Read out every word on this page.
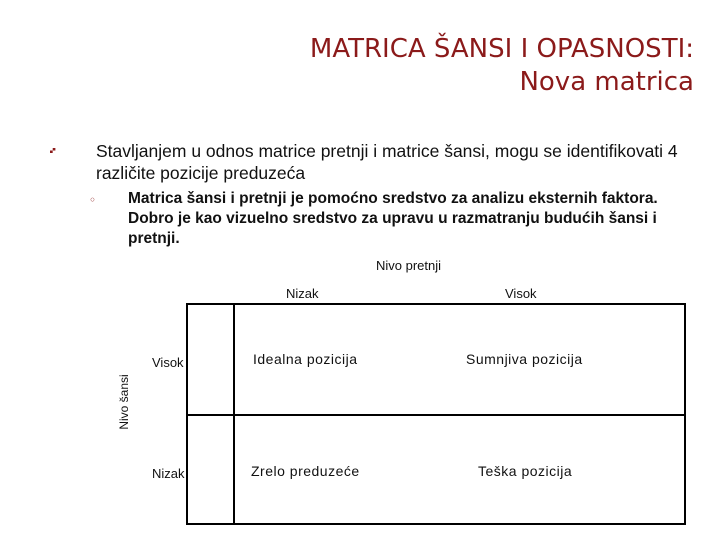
MATRICA ŠANSI I OPASNOSTI:
Nova matrica
🙾 Stavljanjem u odnos matrice pretnji i matrice šansi, mogu se identifikovati 4 različite pozicije preduzeća
◦ Matrica šansi i pretnji je pomoćno sredstvo za analizu eksternih faktora. Dobro je kao vizuelno sredstvo za upravu u razmatranju budućih šansi i pretnji.
Nivo pretnji
Nizak	Visok
Nivo šansi
Visok
Nizak
Idealna pozicija	Sumnjiva pozicija
Zrelo preduzeće	Teška pozicija
